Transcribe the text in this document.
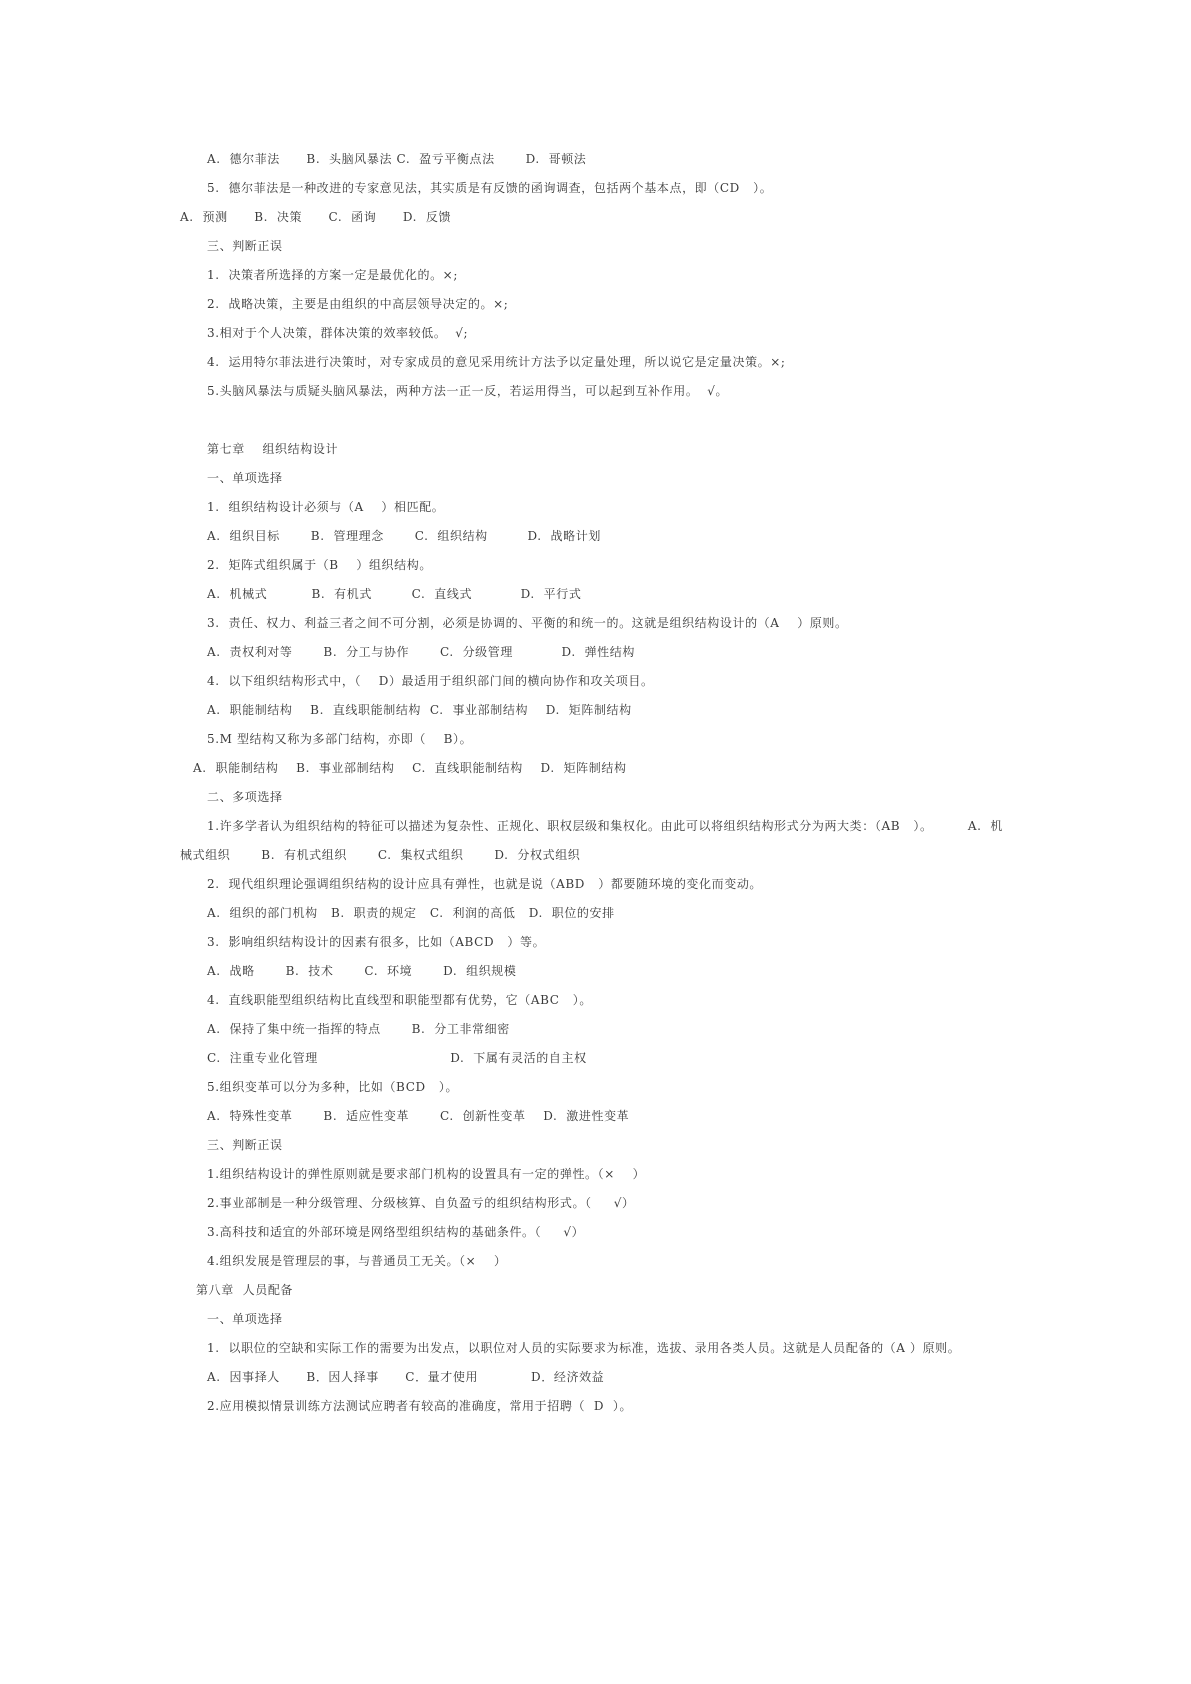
A.  德尔菲法      B.  头脑风暴法 C.  盈亏平衡点法       D.  哥顿法
5.  德尔菲法是一种改进的专家意见法，其实质是有反馈的函询调查，包括两个基本点，即（CD   ）。
A.  预测      B.  决策      C.  函询      D.  反馈
三、判断正误
1.  决策者所选择的方案一定是最优化的。×;
2.  战略决策，主要是由组织的中高层领导决定的。×;
3.相对于个人决策，群体决策的效率较低。  √;
4.  运用特尔菲法进行决策时，对专家成员的意见采用统计方法予以定量处理，所以说它是定量决策。×;
5.头脑风暴法与质疑头脑风暴法，两种方法一正一反，若运用得当，可以起到互补作用。  √。
第七章    组织结构设计
一、单项选择
1.  组织结构设计必须与（A    ）相匹配。
A.  组织目标       B.  管理理念       C.  组织结构         D.  战略计划
2.  矩阵式组织属于（B    ）组织结构。
A.  机械式          B.  有机式         C.  直线式           D.  平行式
3.  责任、权力、利益三者之间不可分割，必须是协调的、平衡的和统一的。这就是组织结构设计的（A    ）原则。
A.  责权利对等       B.  分工与协作       C.  分级管理           D.  弹性结构
4.  以下组织结构形式中，（    D）最适用于组织部门间的横向协作和攻关项目。
A.  职能制结构    B.  直线职能制结构  C.  事业部制结构    D.  矩阵制结构
5.M 型结构又称为多部门结构，亦即（    B）。
A.  职能制结构    B.  事业部制结构    C.  直线职能制结构    D.  矩阵制结构
二、多项选择
1.许多学者认为组织结构的特征可以描述为复杂性、正规化、职权层级和集权化。由此可以将组织结构形式分为两大类：（AB   ）。        A.  机
械式组织       B.  有机式组织       C.  集权式组织       D.  分权式组织
2.  现代组织理论强调组织结构的设计应具有弹性，也就是说（ABD   ）都要随环境的变化而变动。
A.  组织的部门机构   B.  职责的规定   C.  利润的高低   D.  职位的安排
3.  影响组织结构设计的因素有很多，比如（ABCD   ）等。
A.  战略       B.  技术       C.  环境       D.  组织规模
4.  直线职能型组织结构比直线型和职能型都有优势，它（ABC   ）。
A.  保持了集中统一指挥的特点       B.  分工非常细密
C.  注重专业化管理                              D.  下属有灵活的自主权
5.组织变革可以分为多种，比如（BCD   ）。
A.  特殊性变革       B.  适应性变革       C.  创新性变革    D.  激进性变革
三、判断正误
1.组织结构设计的弹性原则就是要求部门机构的设置具有一定的弹性。（×    ）
2.事业部制是一种分级管理、分级核算、自负盈亏的组织结构形式。（     √）
3.高科技和适宜的外部环境是网络型组织结构的基础条件。（     √）
4.组织发展是管理层的事，与普通员工无关。（×    ）
第八章  人员配备
一、单项选择
1.  以职位的空缺和实际工作的需要为出发点，以职位对人员的实际要求为标准，选拔、录用各类人员。这就是人员配备的（A ）原则。
A.  因事择人      B．因人择事      C．量才使用            D．经济效益
2.应用模拟情景训练方法测试应聘者有较高的准确度，常用于招聘（  D  ）。
